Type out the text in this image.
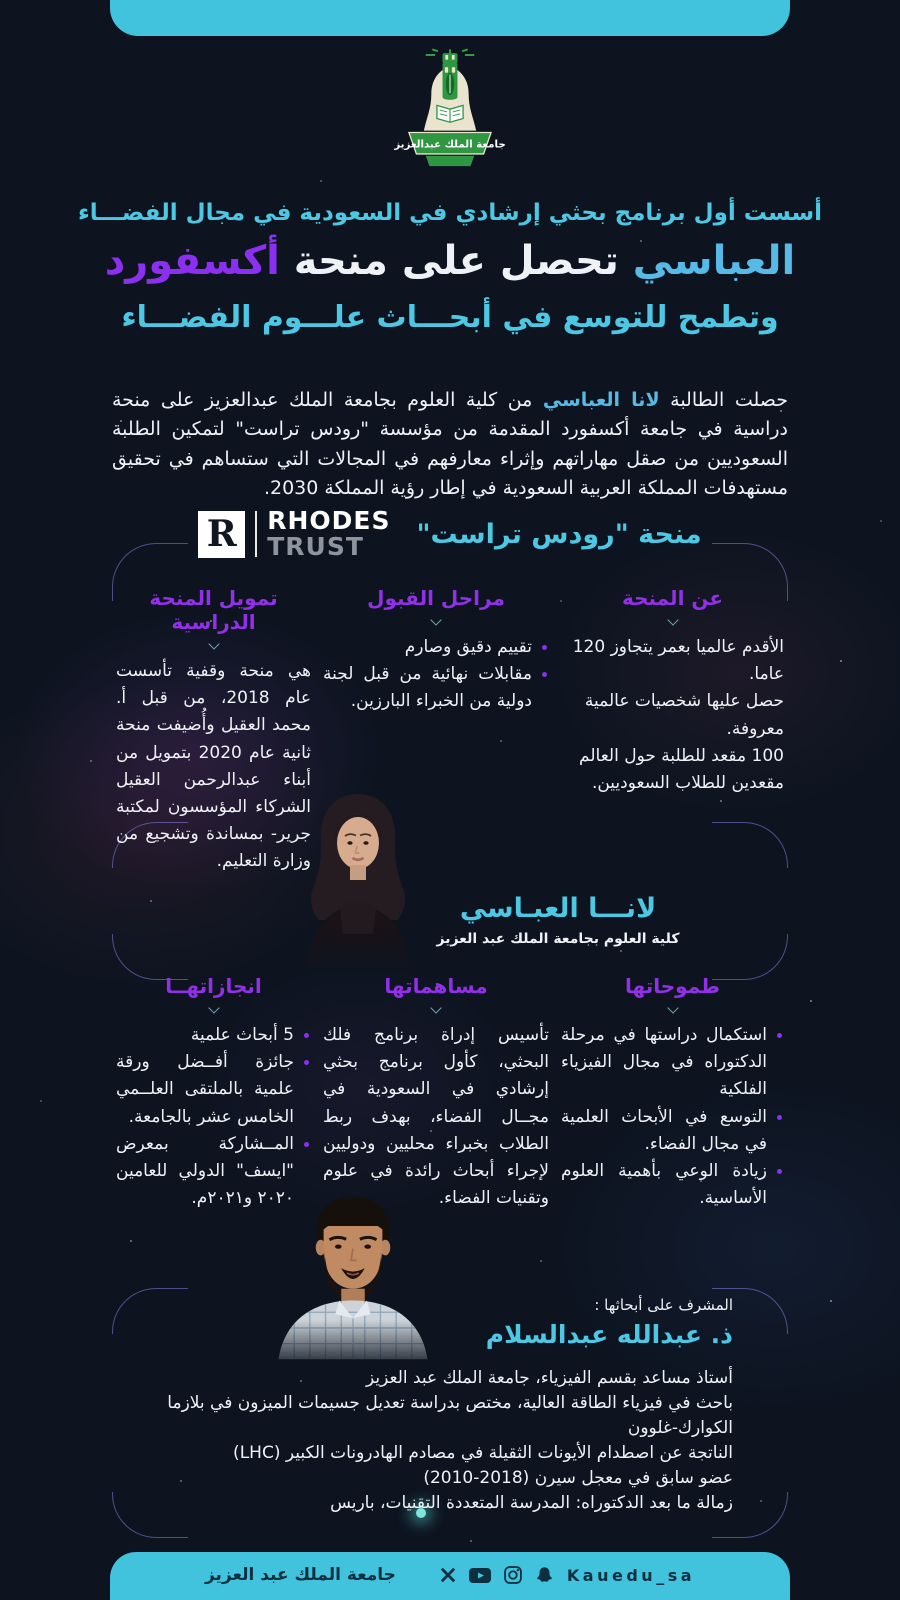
جامعة الملك عبدالعزيز
أسست أول برنامج بحثي إرشادي في السعودية في مجال الفضـــاء
العباسي تحصل على منحة أكسفورد
وتطمح للتوسع في أبحـــاث علـــوم الفضـــاء

حصلت الطالبة لانا العباسي من كلية العلوم بجامعة الملك عبدالعزيز على منحة دراسية في جامعة أكسفورد المقدمة من مؤسسة "رودس تراست" لتمكين الطلبة السعوديين من صقل مهاراتهم وإثراء معارفهم في المجالات التي ستساهم في تحقيق مستهدفات المملكة العربية السعودية في إطار رؤية المملكة 2030.

R RHODES
TRUST	منحة "رودس تراست"
عن المنحة
الأقدم عالميا بعمر يتجاوز 120 عاما.
حصل عليها شخصيات عالمية معروفة.
100 مقعد للطلبة حول العالم مقعدين للطلاب السعوديين.
مراحل القبول
تقييم دقيق وصارم
مقابلات نهائية من قبل لجنة دولية من الخبراء البارزين.
تمويل المنحة الدراسية
هي منحة وقفية تأسست عام 2018، من قبل أ. محمد العقيل وأُضيفت منحة ثانية عام 2020 بتمويل من أبناء عبدالرحمن العقيل الشركاء المؤسسون لمكتبة جرير- بمساندة وتشجيع من وزارة التعليم.
لانـــا العبـاسي
كلية العلوم بجامعة الملك عبد العزيز
طموحاتها
استكمال دراستها في مرحلة الدكتوراه في مجال الفيزياء الفلكية
التوسع في الأبحاث العلمية في مجال الفضاء.
زيادة الوعي بأهمية العلوم الأساسية.
مساهماتها
تأسيس إدراة برنامج فلك البحثي، كأول برنامج بحثي إرشادي في السعودية في مجــال الفضاء، بهدف ربط الطلاب بخبراء محليين ودوليين لإجراء أبحاث رائدة في علوم وتقنيات الفضاء.
انجازاتهــا
5 أبحاث علمية
جائزة أفــضل ورقة علمية بالملتقى العلــمي الخامس عشر بالجامعة.
المــشاركة بمعرض "ايسف" الدولي للعامين ٢٠٢٠ و٢٠٢١م.
المشرف على أبحاثها :
ذ. عبدالله عبدالسلام
أستاذ مساعد بقسم الفيزياء، جامعة الملك عبد العزيز
باحث في فيزياء الطاقة العالية، مختص بدراسة تعديل جسيمات الميزون في بلازما الكوارك-غلوون
الناتجة عن اصطدام الأيونات الثقيلة في مصادم الهادرونات الكبير (LHC)
عضو سابق في معجل سيرن (2018-2010)
زمالة ما بعد الدكتوراه: المدرسة المتعددة التقنيات، باريس
جامعة الملك عبد العزيز	Kauedu_sa
